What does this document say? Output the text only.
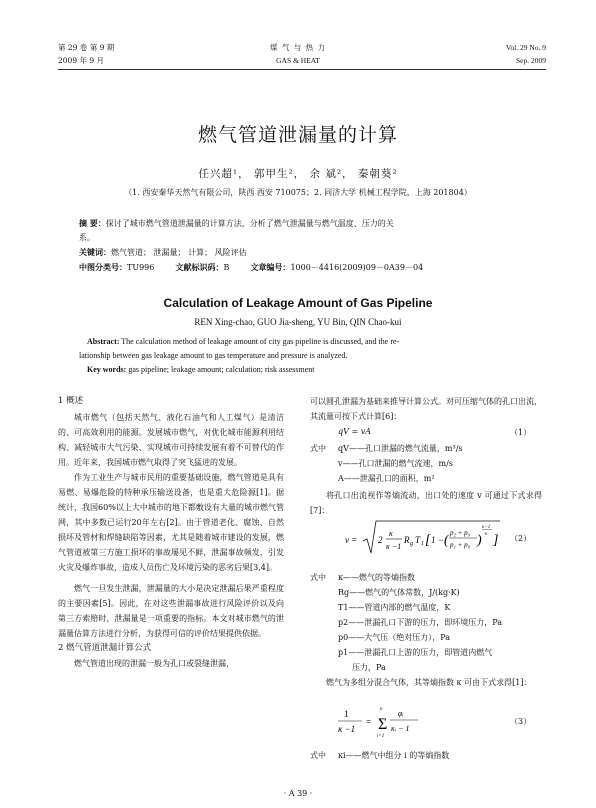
第 29 卷 第 9 期
2009 年 9 月
煤 气 与 热 力
GAS & HEAT
Vol. 29 No. 9
Sep. 2009
燃气管道泄漏量的计算
任兴超¹， 郭甲生²， 余 斌²， 秦朝葵²
（1. 西安秦华天然气有限公司，陕西 西安 710075；2. 同济大学 机械工程学院，上海 201804）
摘 要：探讨了城市燃气管道泄漏量的计算方法，分析了燃气泄漏量与燃气温度、压力的关
系。
关键词：燃气管道； 泄漏量； 计算； 风险评估
中图分类号：TU996	文献标识码：B	文章编号：1000－4416(2009)09－0A39－04
Calculation of Leakage Amount of Gas Pipeline
REN Xing-chao, GUO Jia-sheng, YU Bin, QIN Chao-kui
Abstract: The calculation method of leakage amount of city gas pipeline is discussed, and the re-
lationship between gas leakage amount to gas temperature and pressure is analyzed.
Key words: gas pipeline; leakage amount; calculation; risk assessment
1 概述

城市燃气（包括天然气、液化石油气和人工煤气）是清洁的、可高效利用的能源。发展城市燃气，对优化城市能源利用结构、减轻城市大气污染、实现城市可持续发展有着不可替代的作用。近年来，我国城市燃气取得了突飞猛进的发展。

作为工业生产与城市民用的重要基础设施，燃气管道是具有易燃、易爆危险的特种承压输送设备，也是重大危险源[1]。据统计，我国60%以上大中城市的地下都敷设有大量的城市燃气管网，其中多数已运行20年左右[2]。由于管道老化、腐蚀、自然损坏及管材和焊缝缺陷等因素，尤其是随着城市建设的发展，燃气管道被第三方施工损坏的事故屡见不鲜，泄漏事故频发，引发火灾及爆炸事故，造成人员伤亡及环境污染的恶劣后果[3,4]。

燃气一旦发生泄漏，泄漏量的大小是决定泄漏后果严重程度的主要因素[5]。因此，在对这些泄漏事故进行风险评价以及向第三方索赔时，泄漏量是一项重要的指标。本文对城市燃气的泄漏量估算方法进行分析，为获得可信的评价结果提供依据。

2 燃气管道泄漏计算公式

燃气管道出现的泄漏一般为孔口或裂缝泄漏，

可以圆孔泄漏为基础来推导计算公式。对可压缩气体的孔口出流，其流量可按下式计算[6]：

qV = vA	（1）
式中 qV——孔口泄漏的燃气流量，m³/s
v——孔口泄漏的燃气流速，m/s
A——泄漏孔口的面积，m²

将孔口出流视作等熵流动，出口处的速度 v 可通过下式求得[7]：

v = 2
κ
κ −1
R g T 1 [ 1 − ( p₂ + p₀
p₁ + p₀ )
κ−1
κ ] （2）
式中 κ——燃气的等熵指数
Rg——燃气的气体常数，J/(kg·K)
T1——管道内部的燃气温度，K
p2——泄漏孔口下游的压力，即环境压力，Pa
p0——大气压（绝对压力），Pa
p1——泄漏孔口上游的压力，即管道内燃气
压力，Pa

燃气为多组分混合气体，其等熵指数 κ 可由下式求得[1]：

1
κ −1
= Σ
n
i=1
φᵢ
κᵢ − 1
（3）
式中 κi——燃气中组分 i 的等熵指数
· A 39 ·
